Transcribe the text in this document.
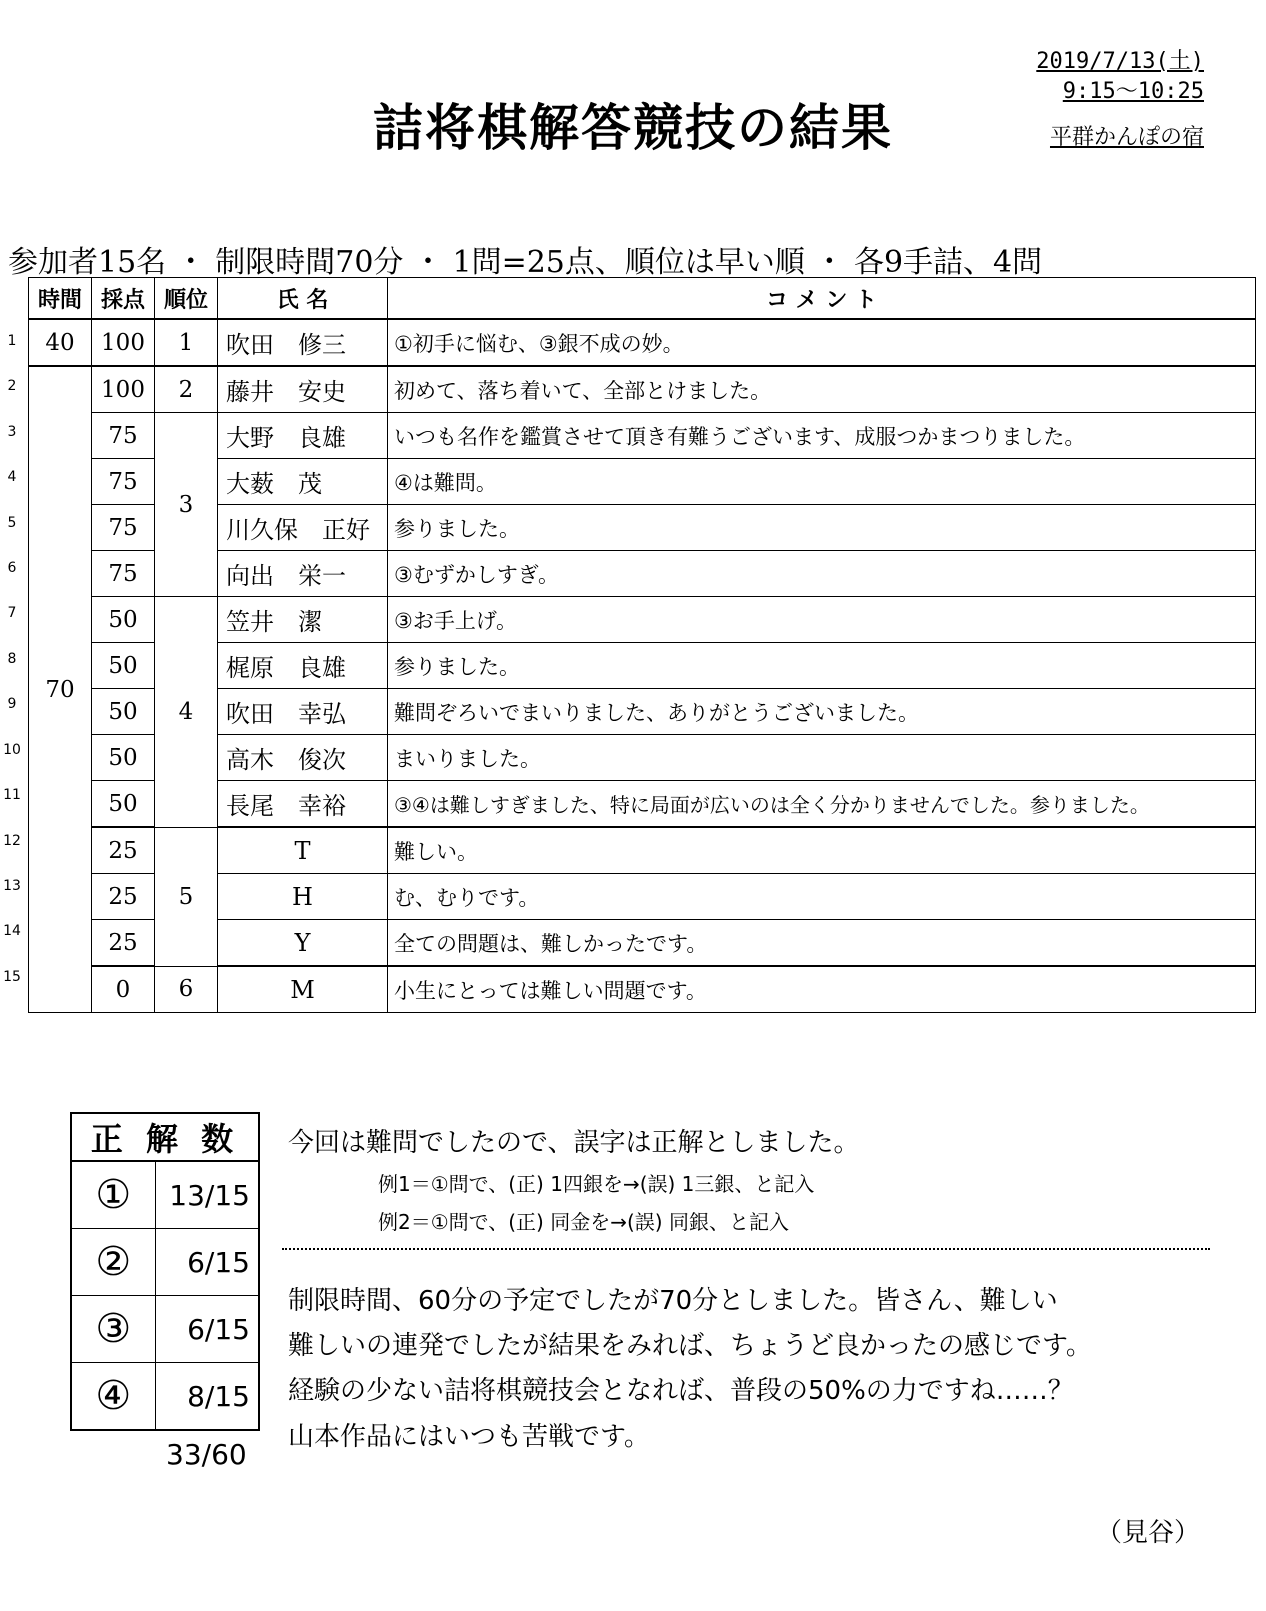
詰将棋解答競技の結果
2019/7/13(土)
9:15～10:25
平群かんぽの宿
参加者15名 ・ 制限時間70分 ・ 1問=25点、順位は早い順 ・ 各9手詰、4問
1
2
3
4
5
6
7
8
9
10
11
12
13
14
15
時間	採点	順位	氏 名	コ メ ン ト
40	100	1	吹田　修三	①初手に悩む、③銀不成の妙。
70	100	2	藤井　安史	初めて、落ち着いて、全部とけました。
	75	3	大野　良雄	いつも名作を鑑賞させて頂き有難うございます、成服つかまつりました。
	75		大薮　茂	④は難問。
	75		川久保　正好	参りました。
	75		向出　栄一	③むずかしすぎ。
	50	4	笠井　潔	③お手上げ。
	50		梶原　良雄	参りました。
	50		吹田　幸弘	難問ぞろいでまいりました、ありがとうございました。
	50		高木　俊次	まいりました。
	50		長尾　幸裕	③④は難しすぎました、特に局面が広いのは全く分かりませんでした。参りました。
	25	5	T	難しい。
	25		H	む、むりです。
	25		Y	全ての問題は、難しかったです。
	0	6	M	小生にとっては難しい問題です。
正 解 数	
①	13/15
②	6/15
③	6/15
④	8/15
33/60
今回は難問でしたので、誤字は正解としました。
例1＝①問で、(正) 1四銀を→(誤) 1三銀、と記入
例2＝①問で、(正) 同金を→(誤) 同銀、と記入
制限時間、60分の予定でしたが70分としました。皆さん、難しい
難しいの連発でしたが結果をみれば、ちょうど良かったの感じです。
経験の少ない詰将棋競技会となれば、普段の50%の力ですね……？
山本作品にはいつも苦戦です。
（見谷）
